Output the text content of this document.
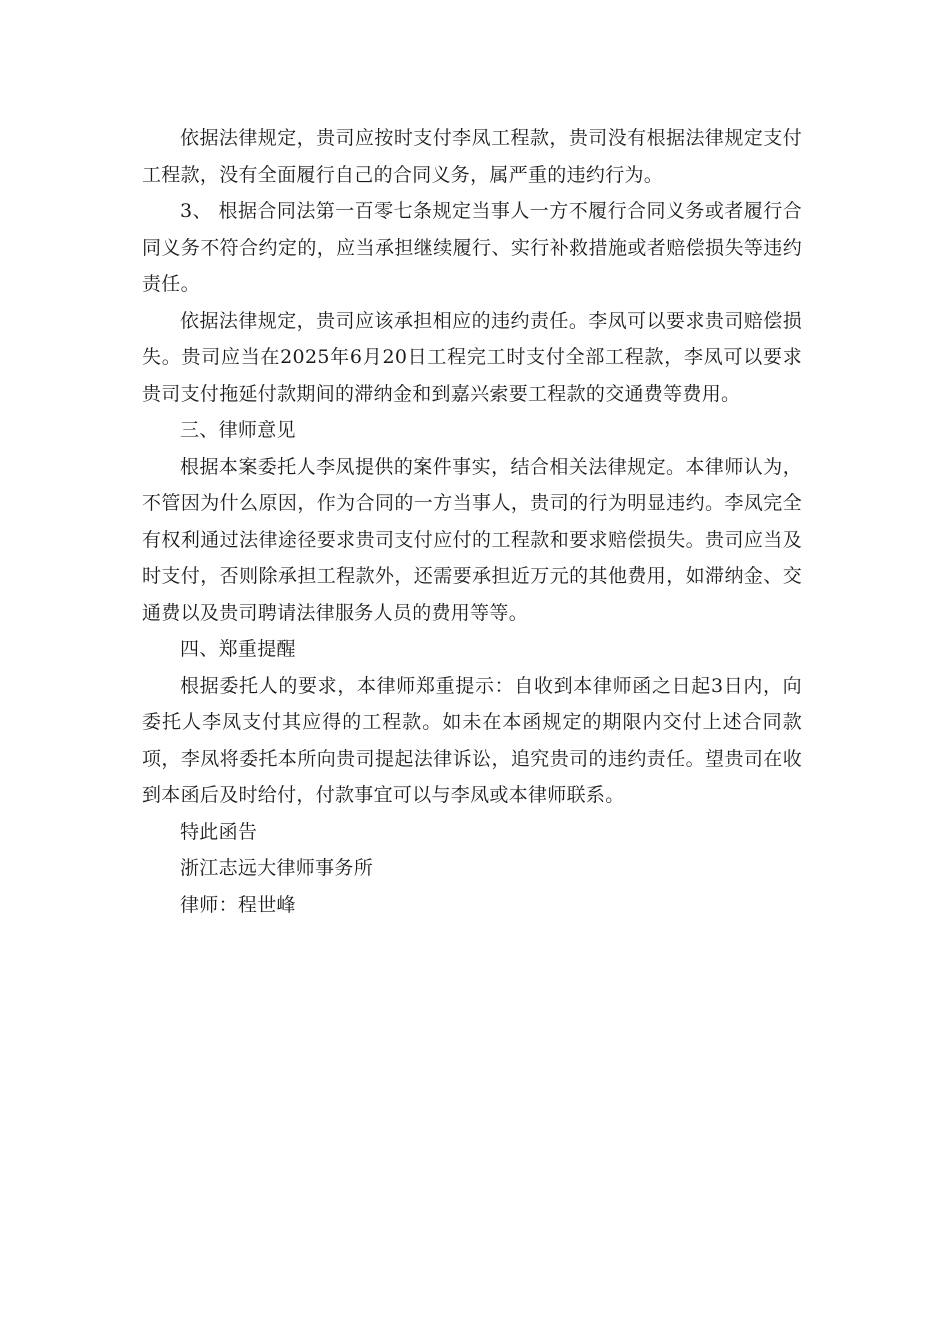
依据法律规定，贵司应按时支付李凤工程款，贵司没有根据法律规定支付工程款，没有全面履行自己的合同义务，属严重的违约行为。

3、 根据合同法第一百零七条规定当事人一方不履行合同义务或者履行合同义务不符合约定的，应当承担继续履行、实行补救措施或者赔偿损失等违约责任。

依据法律规定，贵司应该承担相应的违约责任。李凤可以要求贵司赔偿损失。贵司应当在2025年6月20日工程完工时支付全部工程款，李凤可以要求贵司支付拖延付款期间的滞纳金和到嘉兴索要工程款的交通费等费用。

三、律师意见

根据本案委托人李凤提供的案件事实，结合相关法律规定。本律师认为，不管因为什么原因，作为合同的一方当事人，贵司的行为明显违约。李凤完全有权利通过法律途径要求贵司支付应付的工程款和要求赔偿损失。贵司应当及时支付，否则除承担工程款外，还需要承担近万元的其他费用，如滞纳金、交通费以及贵司聘请法律服务人员的费用等等。

四、郑重提醒

根据委托人的要求，本律师郑重提示：自收到本律师函之日起3日内，向委托人李凤支付其应得的工程款。如未在本函规定的期限内交付上述合同款项，李凤将委托本所向贵司提起法律诉讼，追究贵司的违约责任。望贵司在收到本函后及时给付，付款事宜可以与李凤或本律师联系。

特此函告

浙江志远大律师事务所

律师：程世峰
